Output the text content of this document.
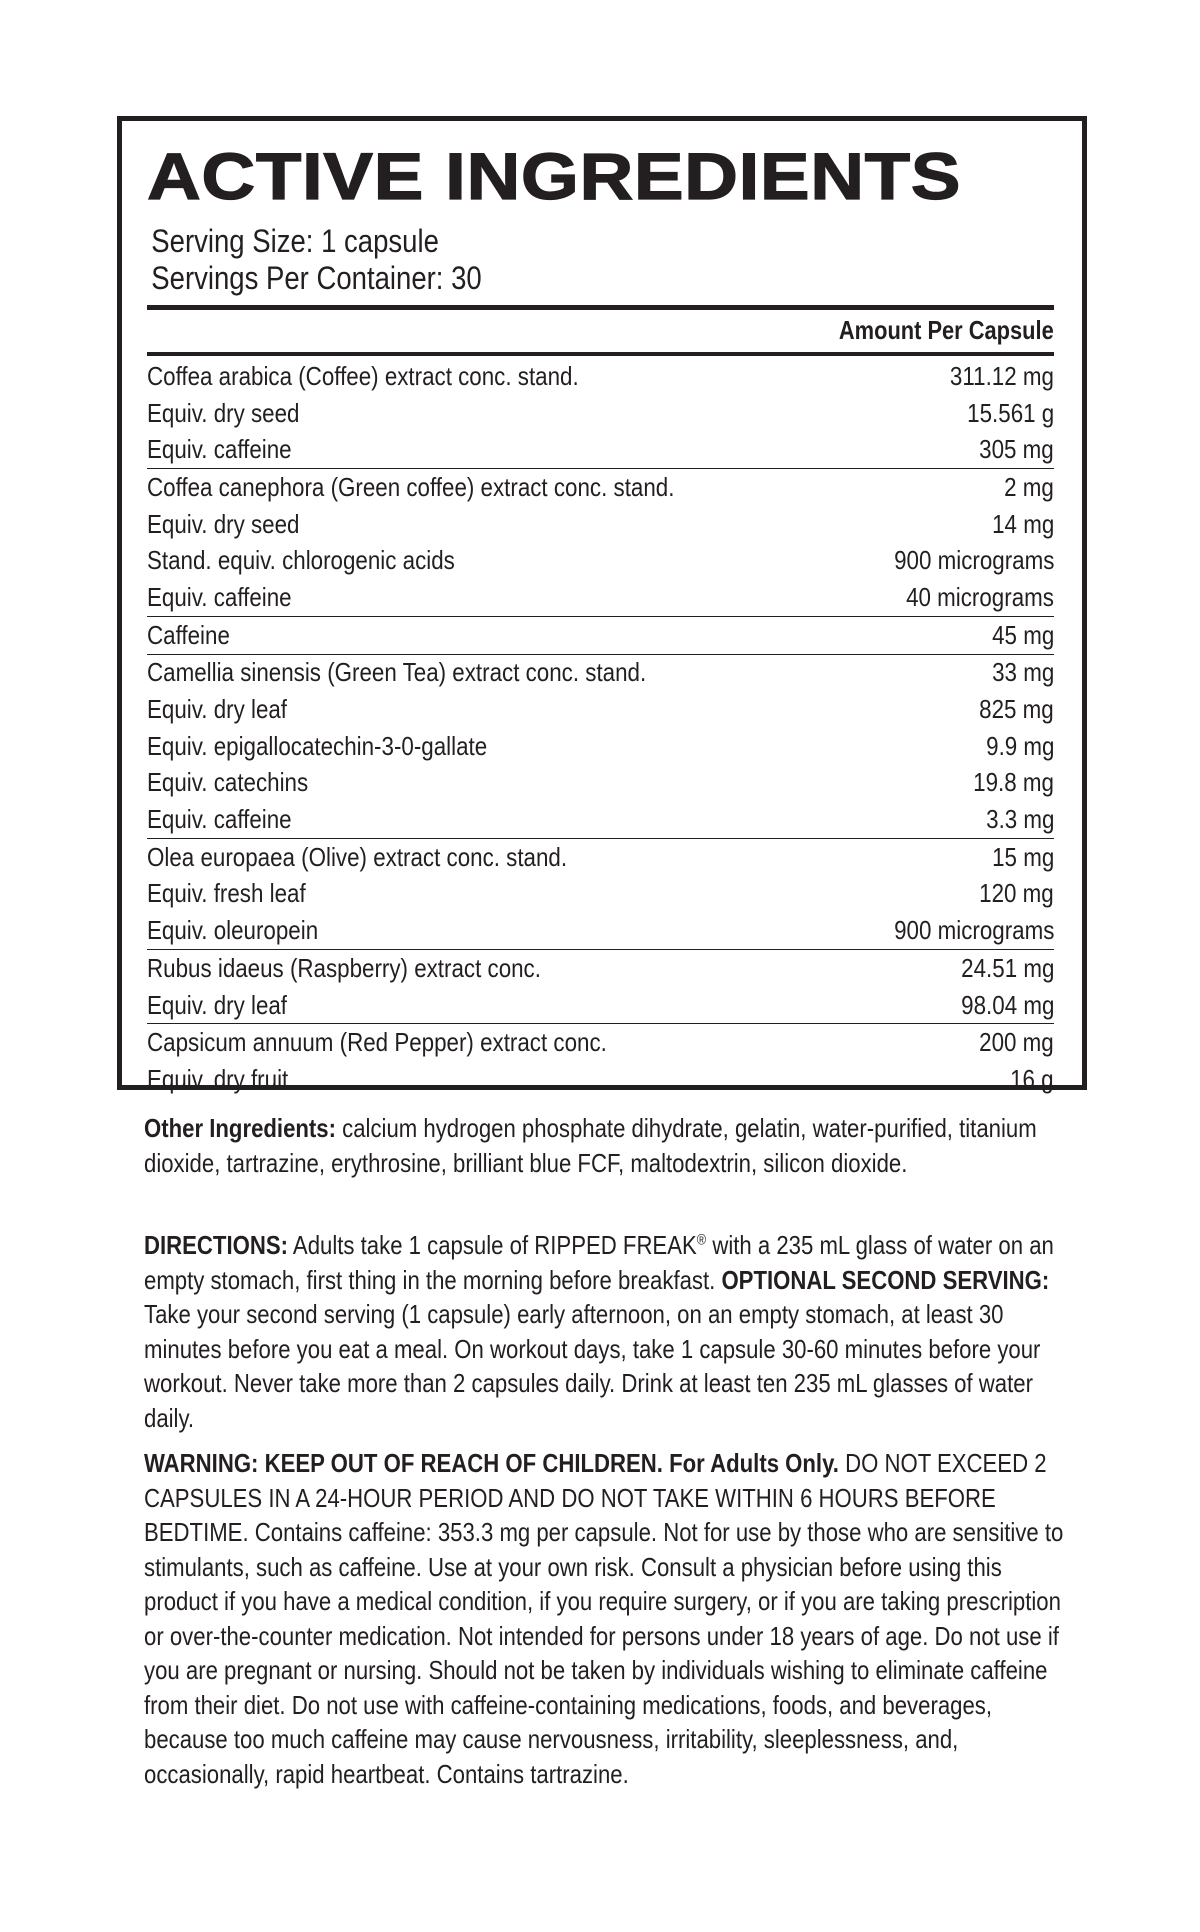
ACTIVE INGREDIENTS
Serving Size: 1 capsule
Servings Per Container: 30
Amount Per Capsule
Coffea arabica (Coffee) extract conc. stand.	311.12 mg
Equiv. dry seed	15.561 g
Equiv. caffeine	305 mg
Coffea canephora (Green coffee) extract conc. stand.	2 mg
Equiv. dry seed	14 mg
Stand. equiv. chlorogenic acids	900 micrograms
Equiv. caffeine	40 micrograms
Caffeine	45 mg
Camellia sinensis (Green Tea) extract conc. stand.	33 mg
Equiv. dry leaf	825 mg
Equiv. epigallocatechin-3-0-gallate	9.9 mg
Equiv. catechins	19.8 mg
Equiv. caffeine	3.3 mg
Olea europaea (Olive) extract conc. stand.	15 mg
Equiv. fresh leaf	120 mg
Equiv. oleuropein	900 micrograms
Rubus idaeus (Raspberry) extract conc.	24.51 mg
Equiv. dry leaf	98.04 mg
Capsicum annuum (Red Pepper) extract conc.	200 mg
Equiv. dry fruit	16 g
Other Ingredients: calcium hydrogen phosphate dihydrate, gelatin, water-purified, titanium dioxide, tartrazine, erythrosine, brilliant blue FCF, maltodextrin, silicon dioxide.
DIRECTIONS: Adults take 1 capsule of RIPPED FREAK® with a 235 mL glass of water on an empty stomach, first thing in the morning before breakfast. OPTIONAL SECOND SERVING: Take your second serving (1 capsule) early afternoon, on an empty stomach, at least 30 minutes before you eat a meal. On workout days, take 1 capsule 30-60 minutes before your workout. Never take more than 2 capsules daily. Drink at least ten 235 mL glasses of water daily.
WARNING: KEEP OUT OF REACH OF CHILDREN. For Adults Only. DO NOT EXCEED 2 CAPSULES IN A 24-HOUR PERIOD AND DO NOT TAKE WITHIN 6 HOURS BEFORE BEDTIME. Contains caffeine: 353.3 mg per capsule. Not for use by those who are sensitive to stimulants, such as caffeine. Use at your own risk. Consult a physician before using this product if you have a medical condition, if you require surgery, or if you are taking prescription or over-the-counter medication. Not intended for persons under 18 years of age. Do not use if you are pregnant or nursing. Should not be taken by individuals wishing to eliminate caffeine from their diet. Do not use with caffeine-containing medications, foods, and beverages, because too much caffeine may cause nervousness, irritability, sleeplessness, and, occasionally, rapid heartbeat. Contains tartrazine.
